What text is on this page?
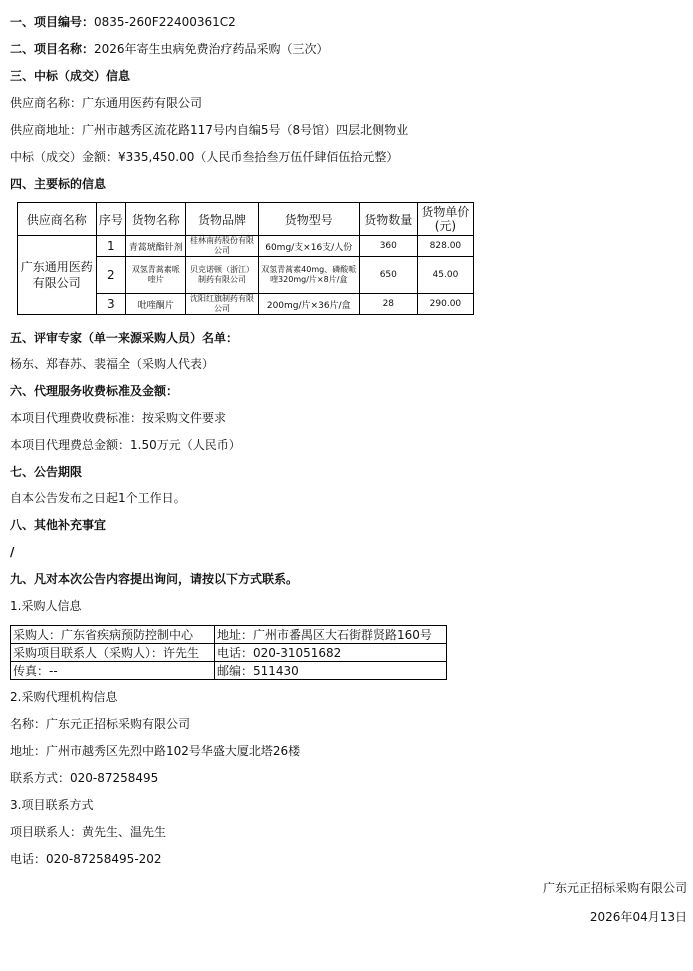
一、项目编号：0835-260F22400361C2
二、项目名称：2026年寄生虫病免费治疗药品采购（三次）
三、中标（成交）信息
供应商名称：广东通用医药有限公司
供应商地址：广州市越秀区流花路117号内自编5号（8号馆）四层北侧物业
中标（成交）金额：¥335,450.00（人民币叁拾叁万伍仟肆佰伍拾元整）
四、主要标的信息
供应商名称	序号	货物名称	货物品牌	货物型号	货物数量	货物单价(元)
广东通用医药有限公司	1	青蒿琥酯针剂	桂林南药股份有限公司	60mg/支×16支/人份	360	828.00
	2	双氢青蒿素哌喹片	贝克诺顿（浙江）制药有限公司	双氢青蒿素40mg、磷酸哌喹320mg/片×8片/盒	650	45.00
	3	吡喹酮片	沈阳红旗制药有限公司	200mg/片×36片/盒	28	290.00
五、评审专家（单一来源采购人员）名单：
杨东、郑春苏、裴福全（采购人代表）
六、代理服务收费标准及金额：
本项目代理费收费标准：按采购文件要求
本项目代理费总金额：1.50万元（人民币）
七、公告期限
自本公告发布之日起1个工作日。
八、其他补充事宜
/
九、凡对本次公告内容提出询问，请按以下方式联系。
1.采购人信息
采购人：广东省疾病预防控制中心	地址：广州市番禺区大石街群贤路160号
采购项目联系人（采购人）：许先生	电话：020-31051682
传真：--	邮编：511430
2.采购代理机构信息
名称：广东元正招标采购有限公司
地址：广州市越秀区先烈中路102号华盛大厦北塔26楼
联系方式：020-87258495
3.项目联系方式
项目联系人：黄先生、温先生
电话：020-87258495-202
广东元正招标采购有限公司
2026年04月13日
